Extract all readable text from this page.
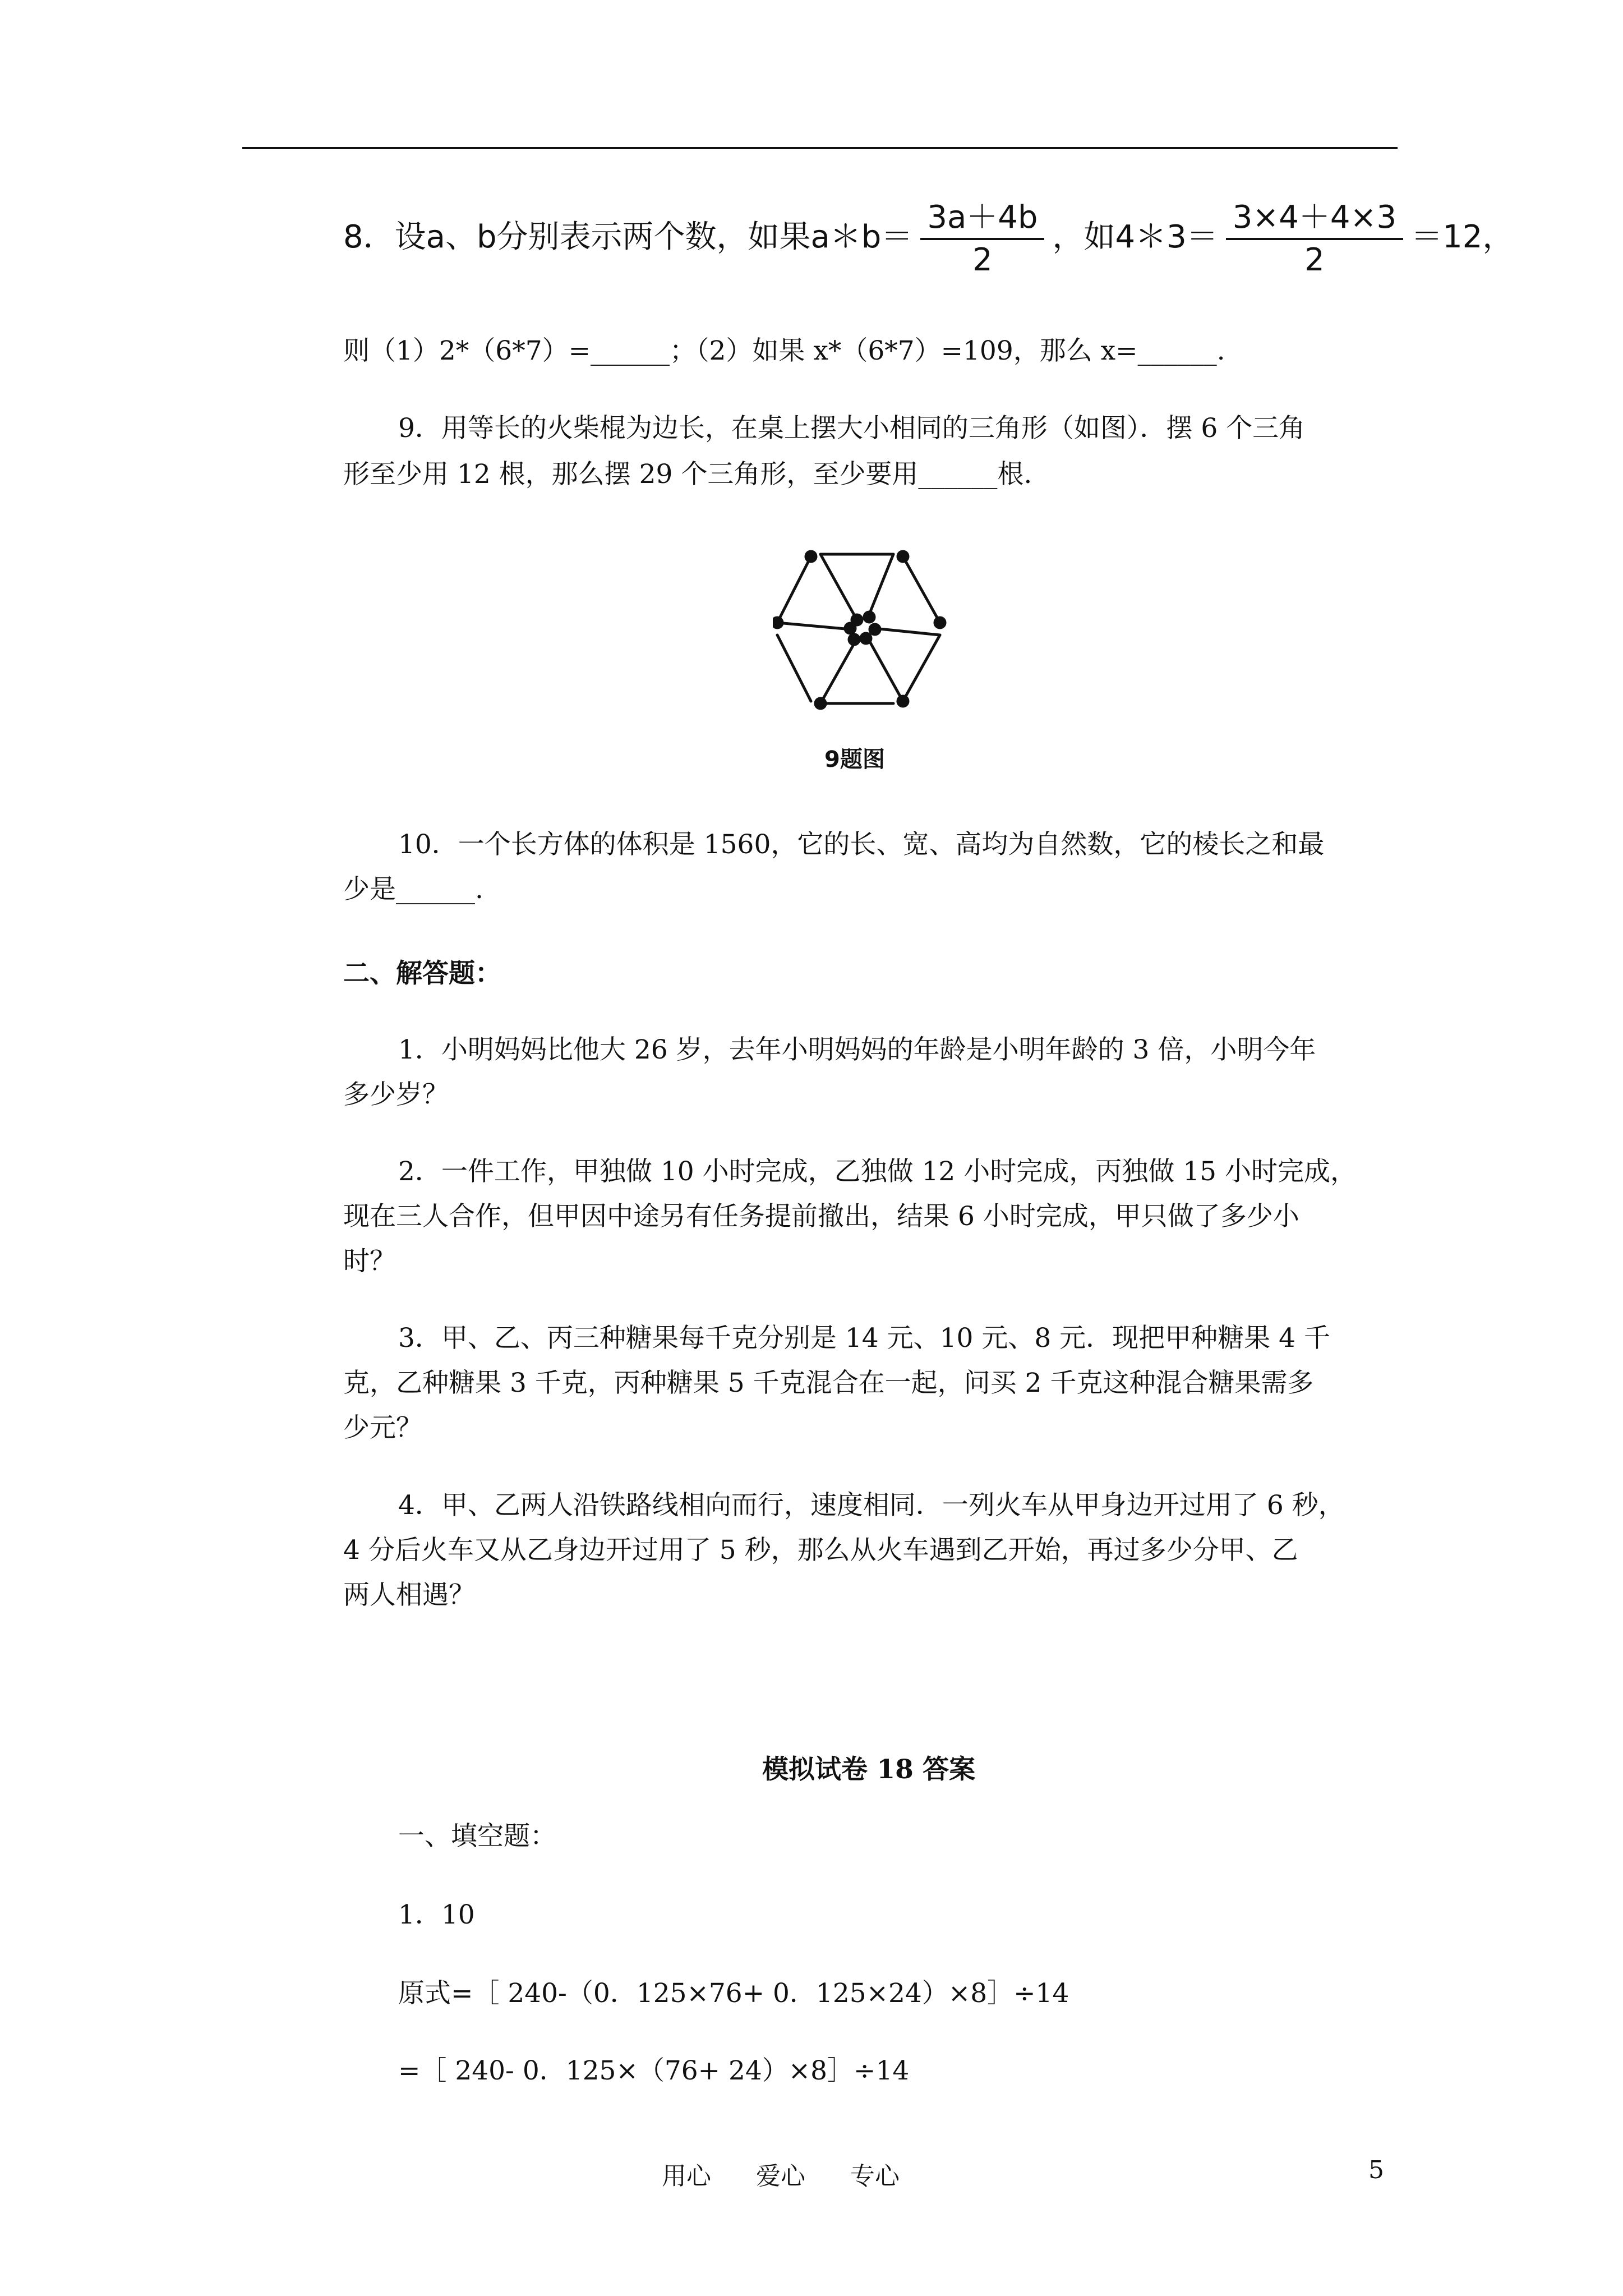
8．设a、b分别表示两个数，如果a＊b＝ $\frac{3a+4b}{2}$ ，如4＊3＝ $\frac{3\times 4+4\times 3}{2} =12$，
则（1）2*（6*7）=______；（2）如果 x*（6*7）=109，那么 x=______.
9．用等长的火柴棍为边长，在桌上摆大小相同的三角形（如图）．摆 6 个三角
形至少用 12 根，那么摆 29 个三角形，至少要用______根.
9题图
10．一个长方体的体积是 1560，它的长、宽、高均为自然数，它的棱长之和最
少是______.
二、解答题：
1．小明妈妈比他大 26 岁，去年小明妈妈的年龄是小明年龄的 3 倍，小明今年
多少岁？
2．一件工作，甲独做 10 小时完成，乙独做 12 小时完成，丙独做 15 小时完成，
现在三人合作，但甲因中途另有任务提前撤出，结果 6 小时完成，甲只做了多少小
时？
3．甲、乙、丙三种糖果每千克分别是 14 元、10 元、8 元．现把甲种糖果 4 千
克，乙种糖果 3 千克，丙种糖果 5 千克混合在一起，问买 2 千克这种混合糖果需多
少元？
4．甲、乙两人沿铁路线相向而行，速度相同．一列火车从甲身边开过用了 6 秒，
4 分后火车又从乙身边开过用了 5 秒，那么从火车遇到乙开始，再过多少分甲、乙
两人相遇？
模拟试卷 18 答案
一、填空题：
1．10
原式=［ 240-（0．125×76+ 0．125×24）×8］÷14
=［ 240- 0．125×（76+ 24）×8］÷14
用心 爱心 专心	5
